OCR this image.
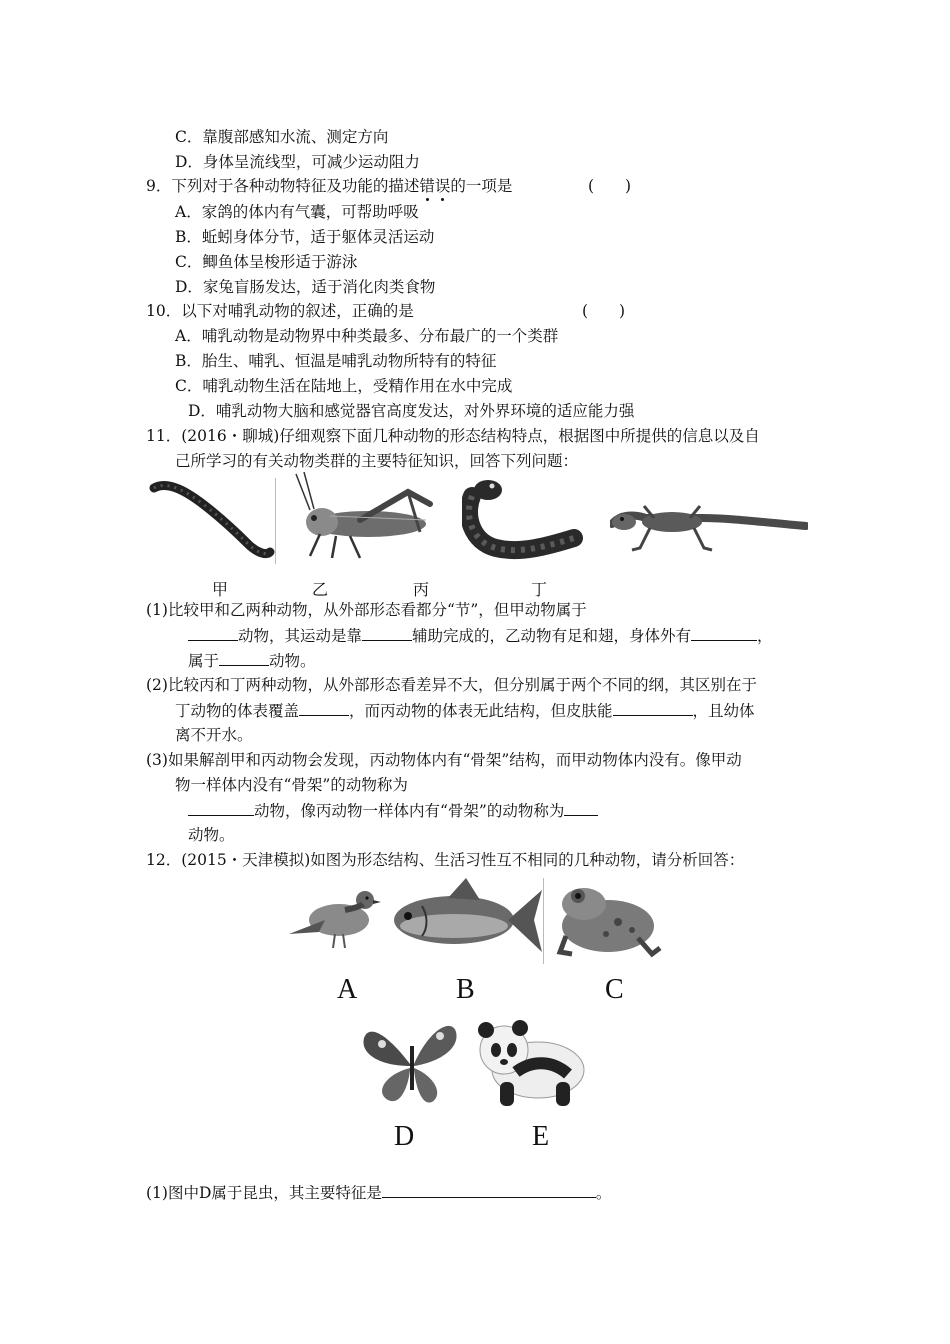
C．靠腹部感知水流、测定方向
D．身体呈流线型，可减少运动阻力
9．下列对于各种动物特征及功能的描述错误的一项是	(　　)
A．家鸽的体内有气囊，可帮助呼吸
B．蚯蚓身体分节，适于躯体灵活运动
C．鲫鱼体呈梭形适于游泳
D．家兔盲肠发达，适于消化肉类食物
10．以下对哺乳动物的叙述，正确的是	(　　)
A．哺乳动物是动物界中种类最多、分布最广的一个类群
B．胎生、哺乳、恒温是哺乳动物所特有的特征
C．哺乳动物生活在陆地上，受精作用在水中完成
D．哺乳动物大脑和感觉器官高度发达，对外界环境的适应能力强
11．(2016・聊城)仔细观察下面几种动物的形态结构特点，根据图中所提供的信息以及自
己所学习的有关动物类群的主要特征知识，回答下列问题：
甲	乙	丙	丁
(1)比较甲和乙两种动物，从外部形态看都分“节”，但甲动物属于
动物，其运动是靠	辅助完成的，乙动物有足和翅，身体外有	，
属于	动物。
(2)比较丙和丁两种动物，从外部形态看差异不大，但分别属于两个不同的纲，其区别在于
丁动物的体表覆盖	，而丙动物的体表无此结构，但皮肤能	，且幼体
离不开水。
(3)如果解剖甲和丙动物会发现，丙动物体内有“骨架”结构，而甲动物体内没有。像甲动
物一样体内没有“骨架”的动物称为
动物，像丙动物一样体内有“骨架”的动物称为
动物。
12．(2015・天津模拟)如图为形态结构、生活习性互不相同的几种动物，请分析回答：
A	B	C
D	E
(1)图中D属于昆虫，其主要特征是	。
